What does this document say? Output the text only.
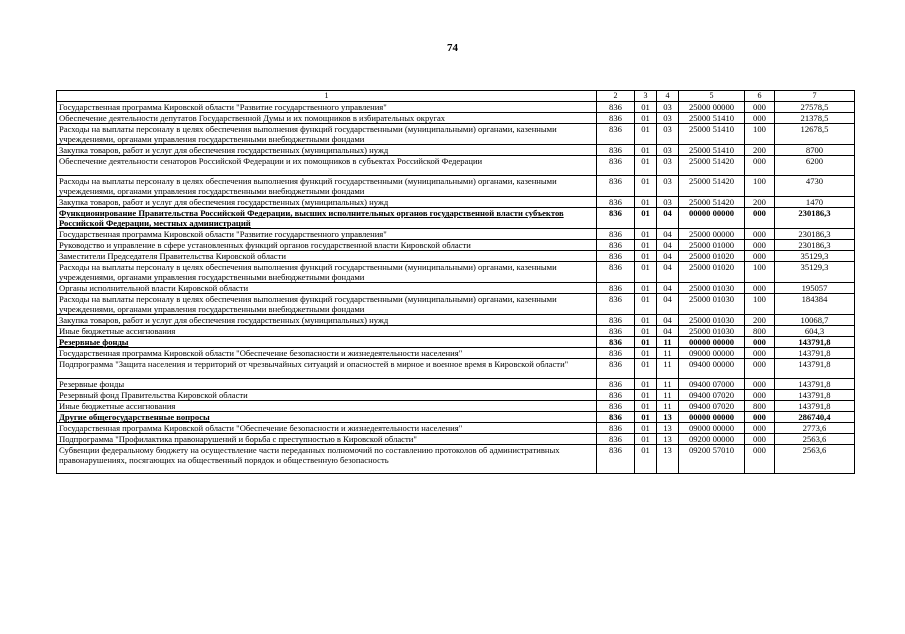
74
1	2	3	4	5	6	7
Государственная программа Кировской области "Развитие государственного управления"	836	01	03	25000 00000	000	27578,5
Обеспечение деятельности депутатов Государственной Думы и их помощников в избирательных округах	836	01	03	25000 51410	000	21378,5
Расходы на выплаты персоналу в целях обеспечения выполнения функций государственными (муниципальными) органами, казенными учреждениями, органами управления государственными внебюджетными фондами	836	01	03	25000 51410	100	12678,5
Закупка товаров, работ и услуг для обеспечения государственных (муниципальных) нужд	836	01	03	25000 51410	200	8700
Обеспечение деятельности сенаторов Российской Федерации и их помощников в субъектах Российской Федерации	836	01	03	25000 51420	000	6200
Расходы на выплаты персоналу в целях обеспечения выполнения функций государственными (муниципальными) органами, казенными учреждениями, органами управления государственными внебюджетными фондами	836	01	03	25000 51420	100	4730
Закупка товаров, работ и услуг для обеспечения государственных (муниципальных) нужд	836	01	03	25000 51420	200	1470
Функционирование Правительства Российской Федерации, высших исполнительных органов государственной власти субъектов Российской Федерации, местных администраций	836	01	04	00000 00000	000	230186,3
Государственная программа Кировской области "Развитие государственного управления"	836	01	04	25000 00000	000	230186,3
Руководство и управление в сфере установленных функций органов государственной власти Кировской области	836	01	04	25000 01000	000	230186,3
Заместители Председателя Правительства Кировской области	836	01	04	25000 01020	000	35129,3
Расходы на выплаты персоналу в целях обеспечения выполнения функций государственными (муниципальными) органами, казенными учреждениями, органами управления государственными внебюджетными фондами	836	01	04	25000 01020	100	35129,3
Органы исполнительной власти Кировской области	836	01	04	25000 01030	000	195057
Расходы на выплаты персоналу в целях обеспечения выполнения функций государственными (муниципальными) органами, казенными учреждениями, органами управления государственными внебюджетными фондами	836	01	04	25000 01030	100	184384
Закупка товаров, работ и услуг для обеспечения государственных (муниципальных) нужд	836	01	04	25000 01030	200	10068,7
Иные бюджетные ассигнования	836	01	04	25000 01030	800	604,3
Резервные фонды	836	01	11	00000 00000	000	143791,8
Государственная программа Кировской области "Обеспечение безопасности и жизнедеятельности населения"	836	01	11	09000 00000	000	143791,8
Подпрограмма "Защита населения и территорий от чрезвычайных ситуаций и опасностей в мирное и военное время в Кировской области"	836	01	11	09400 00000	000	143791,8
Резервные фонды	836	01	11	09400 07000	000	143791,8
Резервный фонд Правительства Кировской области	836	01	11	09400 07020	000	143791,8
Иные бюджетные ассигнования	836	01	11	09400 07020	800	143791,8
Другие общегосударственные вопросы	836	01	13	00000 00000	000	286740,4
Государственная программа Кировской области "Обеспечение безопасности и жизнедеятельности населения"	836	01	13	09000 00000	000	2773,6
Подпрограмма "Профилактика правонарушений и борьба с преступностью в Кировской области"	836	01	13	09200 00000	000	2563,6
Субвенции федеральному бюджету на осуществление части переданных полномочий по составлению протоколов об административных правонарушениях, посягающих на общественный порядок и общественную безопасность	836	01	13	09200 57010	000	2563,6
